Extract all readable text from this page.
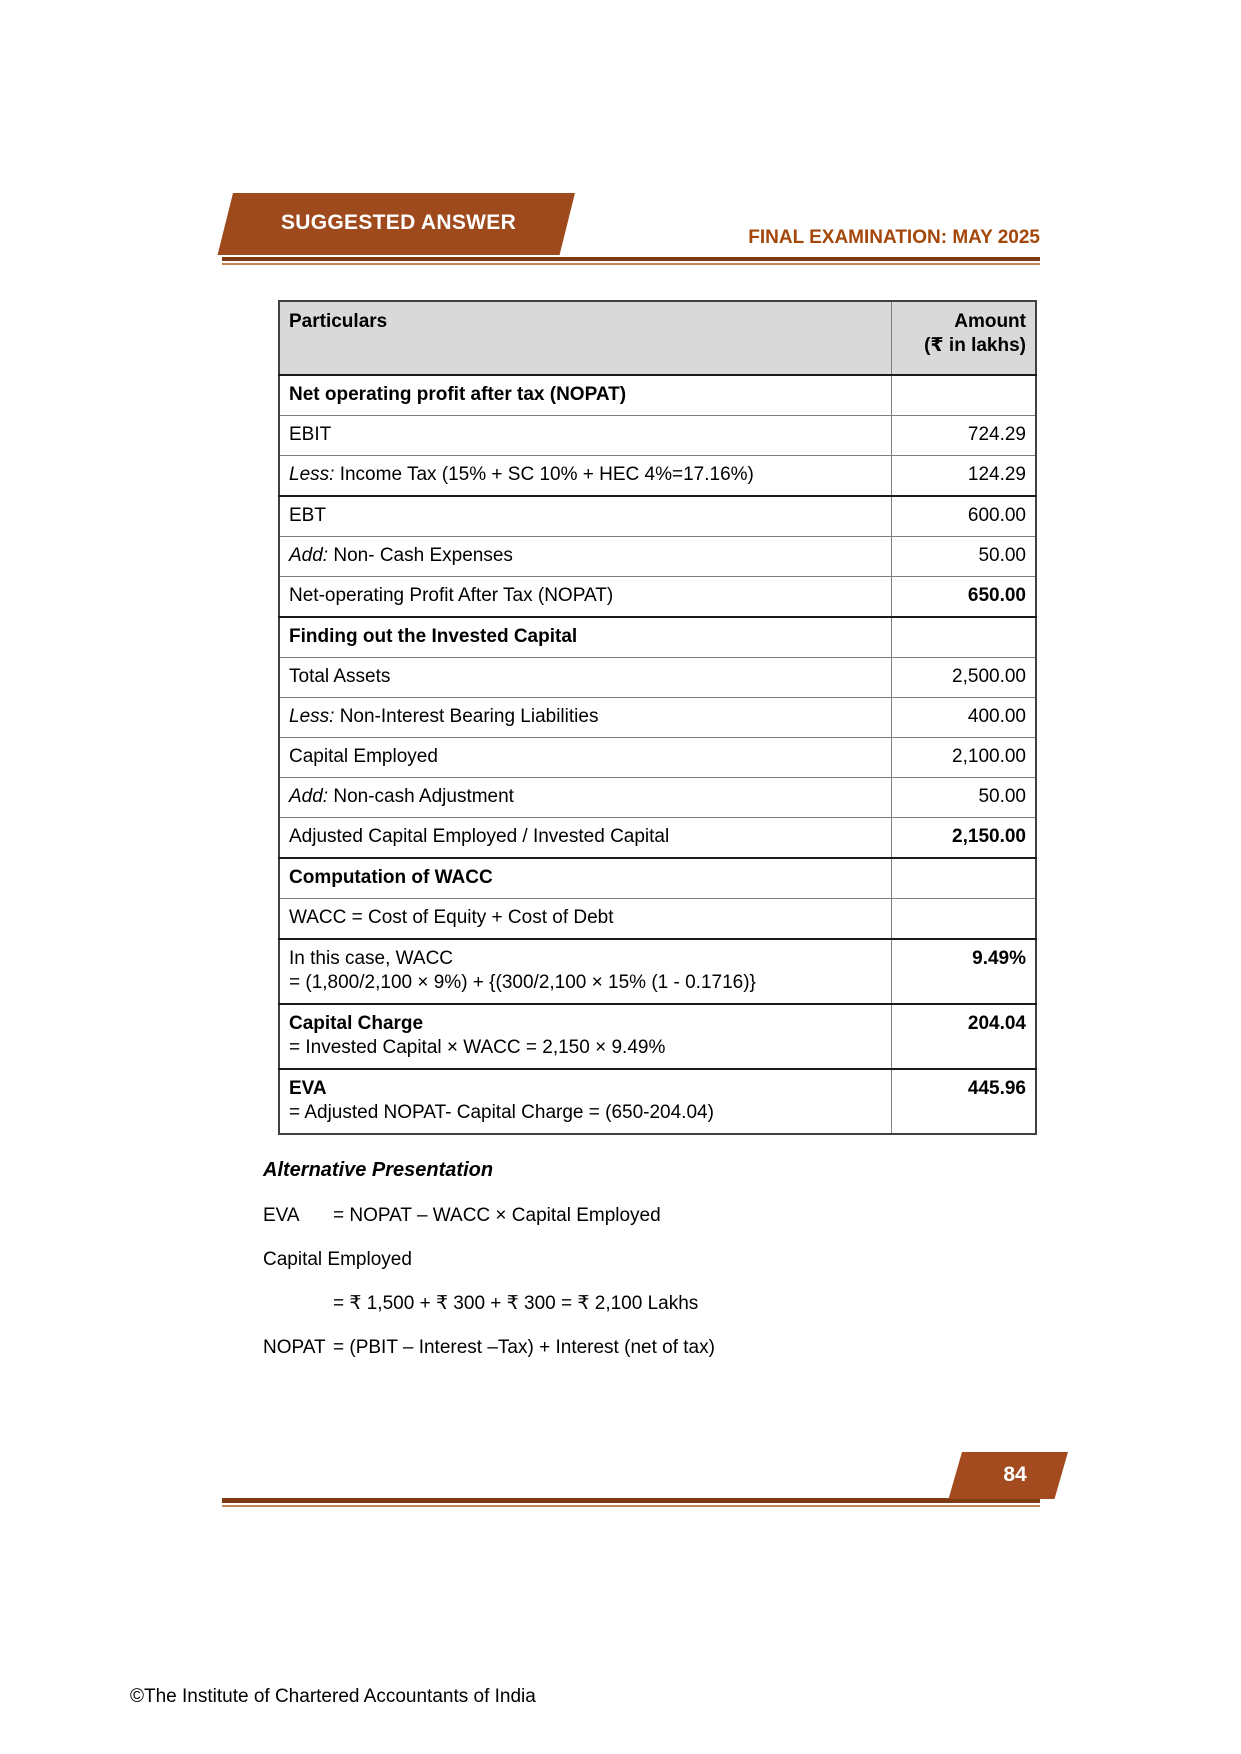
SUGGESTED ANSWER
FINAL EXAMINATION: MAY 2025
Particulars	Amount
(₹ in lakhs)

Net operating profit after tax (NOPAT)	

EBIT	724.29

Less: Income Tax (15% + SC 10% + HEC 4%=17.16%)	124.29

EBT	600.00

Add: Non- Cash Expenses	50.00

Net-operating Profit After Tax (NOPAT)	650.00

Finding out the Invested Capital	

Total Assets	2,500.00

Less: Non-Interest Bearing Liabilities	400.00

Capital Employed	2,100.00

Add: Non-cash Adjustment	50.00

Adjusted Capital Employed / Invested Capital	2,150.00

Computation of WACC	

WACC = Cost of Equity + Cost of Debt	

In this case, WACC
= (1,800/2,100 × 9%) + {(300/2,100 × 15% (1 - 0.1716)}	9.49%

Capital Charge
= Invested Capital × WACC = 2,150 × 9.49%	204.04

EVA
= Adjusted NOPAT- Capital Charge = (650-204.04)	445.96
Alternative Presentation
EVA = NOPAT – WACC × Capital Employed
Capital Employed
= ₹ 1,500 + ₹ 300 + ₹ 300 = ₹ 2,100 Lakhs
NOPAT = (PBIT – Interest –Tax) + Interest (net of tax)
84
©The Institute of Chartered Accountants of India
